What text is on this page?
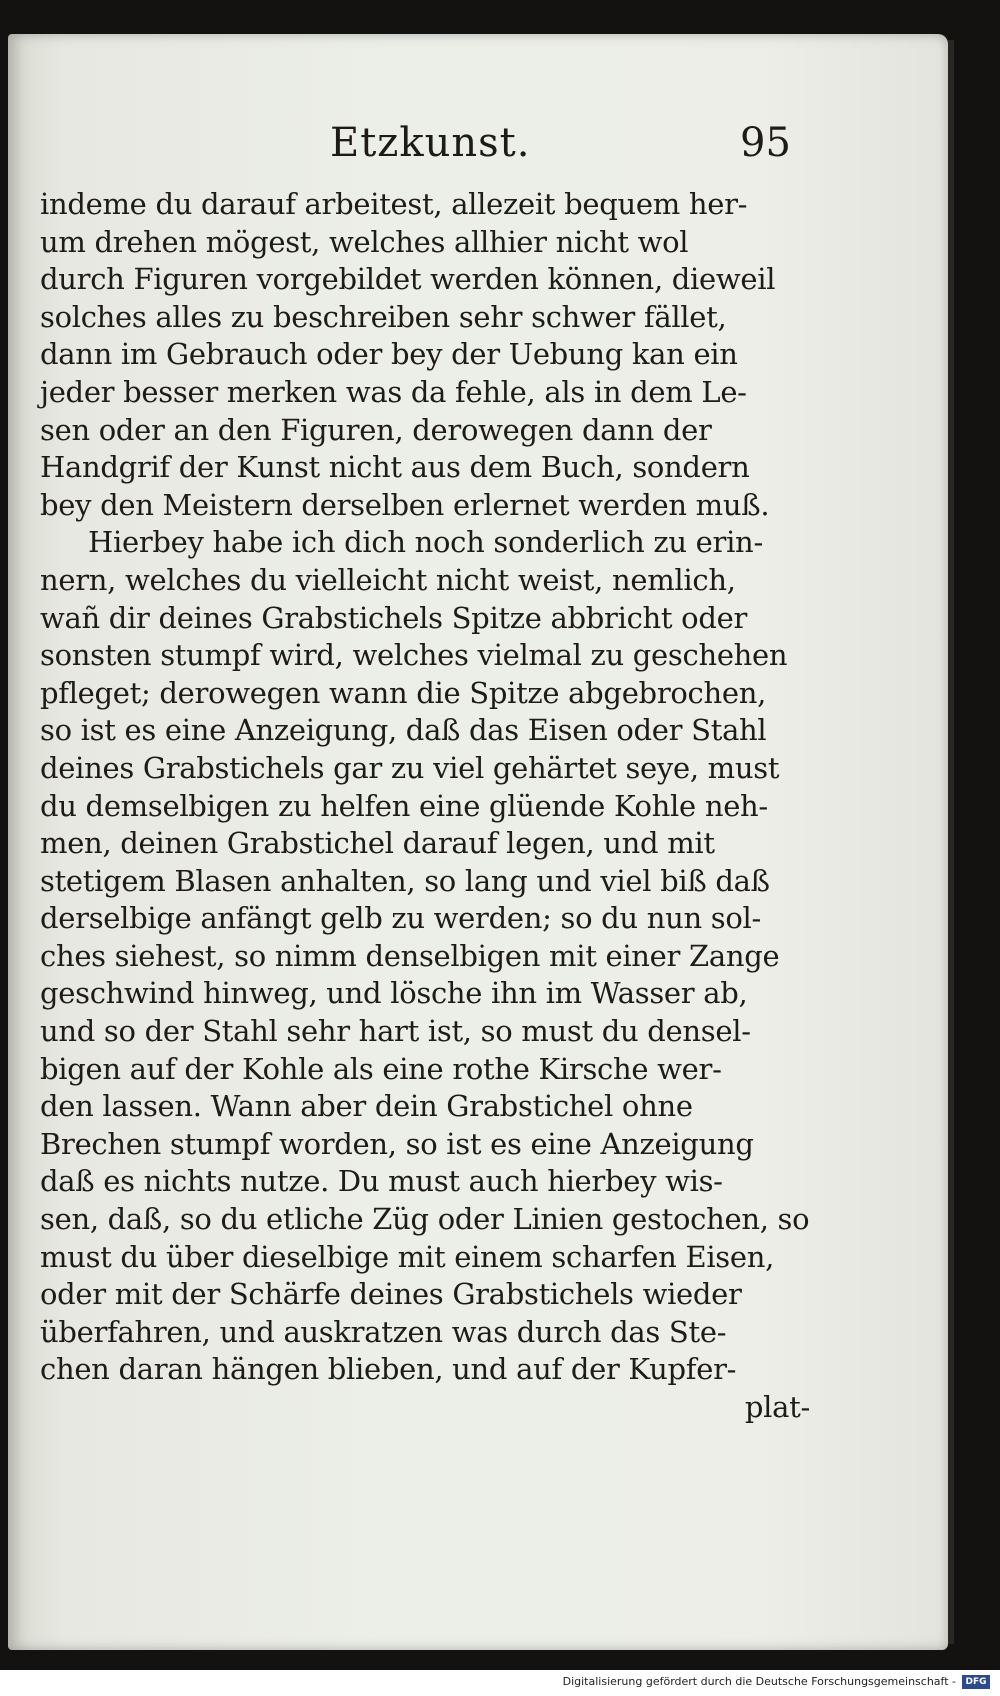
Etzkunst.	95
indeme du darauf arbeitest, allezeit bequem her-
um drehen mögest, welches allhier nicht wol
durch Figuren vorgebildet werden können, dieweil
solches alles zu beschreiben sehr schwer fället,
dann im Gebrauch oder bey der Uebung kan ein
jeder besser merken was da fehle, als in dem Le-
sen oder an den Figuren, derowegen dann der
Handgrif der Kunst nicht aus dem Buch, sondern
bey den Meistern derselben erlernet werden muß.
Hierbey habe ich dich noch sonderlich zu erin-
nern, welches du vielleicht nicht weist, nemlich,
wañ dir deines Grabstichels Spitze abbricht oder
sonsten stumpf wird, welches vielmal zu geschehen
pfleget; derowegen wann die Spitze abgebrochen,
so ist es eine Anzeigung, daß das Eisen oder Stahl
deines Grabstichels gar zu viel gehärtet seye, must
du demselbigen zu helfen eine glüende Kohle neh-
men, deinen Grabstichel darauf legen, und mit
stetigem Blasen anhalten, so lang und viel biß daß
derselbige anfängt gelb zu werden; so du nun sol-
ches siehest, so nimm denselbigen mit einer Zange
geschwind hinweg, und lösche ihn im Wasser ab,
und so der Stahl sehr hart ist, so must du densel-
bigen auf der Kohle als eine rothe Kirsche wer-
den lassen. Wann aber dein Grabstichel ohne
Brechen stumpf worden, so ist es eine Anzeigung
daß es nichts nutze. Du must auch hierbey wis-
sen, daß, so du etliche Züg oder Linien gestochen, so
must du über dieselbige mit einem scharfen Eisen,
oder mit der Schärfe deines Grabstichels wieder
überfahren, und auskratzen was durch das Ste-
chen daran hängen blieben, und auf der Kupfer-
plat-
Digitalisierung gefördert durch die Deutsche Forschungsgemeinschaft -	DFG
